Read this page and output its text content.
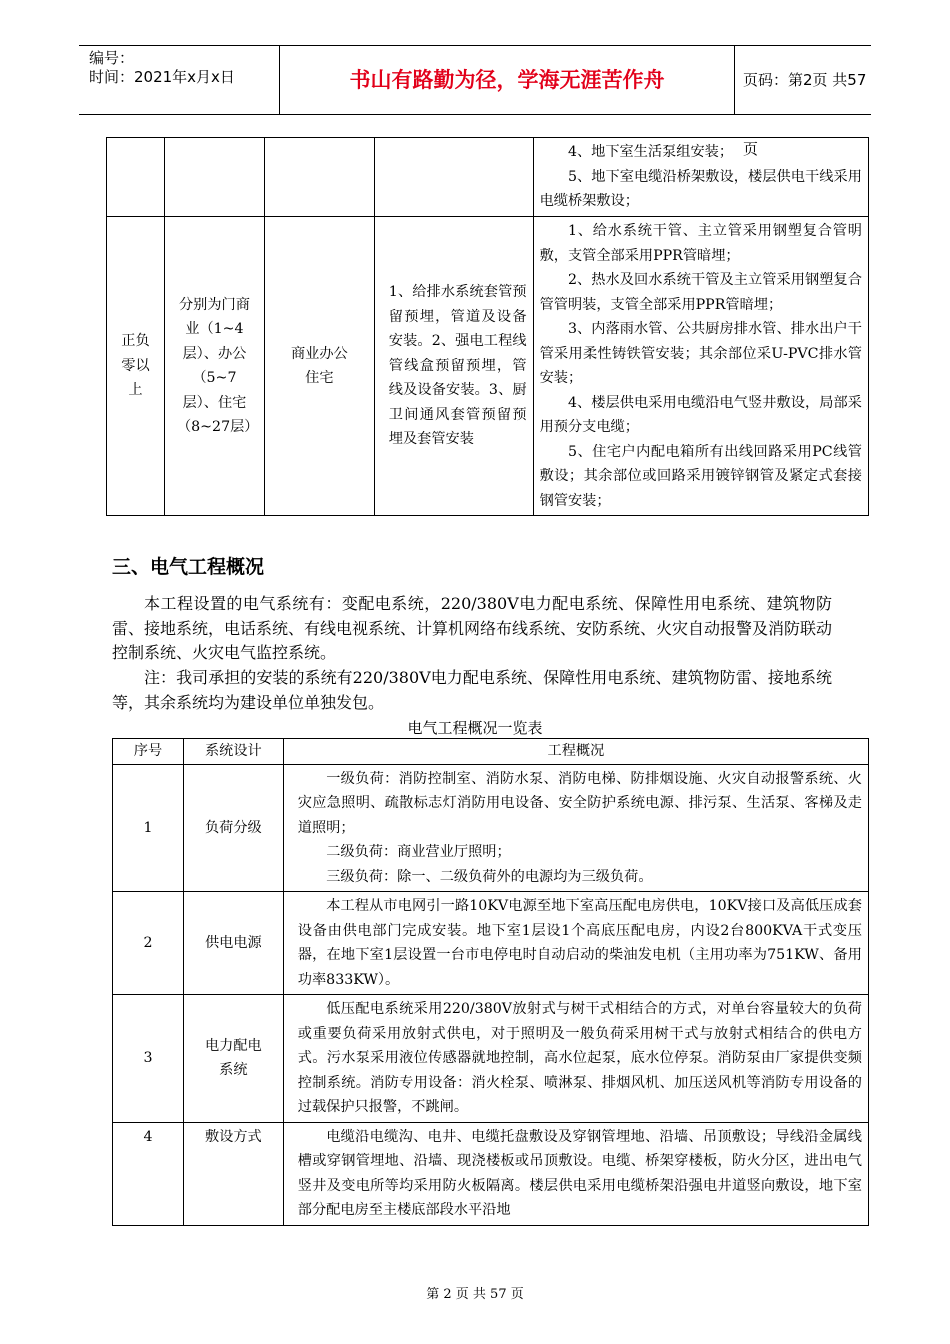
编号：
时间：2021年x月x日	书山有路勤为径，学海无涯苦作舟	页码：第2页 共57页

				4、地下室生活泵组安装；
5、地下室电缆沿桥架敷设，楼层供电干线采用电缆桥架敷设；

正负零以上	分别为门商业（1~4层）、办公（5~7层）、住宅（8~27层）	商业办公住宅	1、给排水系统套管预留预埋，管道及设备安装。2、强电工程线管线盒预留预埋，管线及设备安装。3、厨卫间通风套管预留预埋及套管安装	1、给水系统干管、主立管采用钢塑复合管明敷，支管全部采用PPR管暗埋；
2、热水及回水系统干管及主立管采用钢塑复合管管明装，支管全部采用PPR管暗埋；
3、内落雨水管、公共厨房排水管、排水出户干管采用柔性铸铁管安装；其余部位采U-PVC排水管安装；
4、楼层供电采用电缆沿电气竖井敷设，局部采用预分支电缆；
5、住宅户内配电箱所有出线回路采用PC线管敷设；其余部位或回路采用镀锌钢管及紧定式套接钢管安装；
三、电气工程概况
本工程设置的电气系统有：变配电系统，220/380V电力配电系统、保障性用电系统、建筑物防雷、接地系统，电话系统、有线电视系统、计算机网络布线系统、安防系统、火灾自动报警及消防联动控制系统、火灾电气监控系统。
注：我司承担的安装的系统有220/380V电力配电系统、保障性用电系统、建筑物防雷、接地系统等，其余系统均为建设单位单独发包。
电气工程概况一览表
序号	系统设计	工程概况
1	负荷分级	一级负荷：消防控制室、消防水泵、消防电梯、防排烟设施、火灾自动报警系统、火灾应急照明、疏散标志灯消防用电设备、安全防护系统电源、排污泵、生活泵、客梯及走道照明；
二级负荷：商业营业厅照明；
三级负荷：除一、二级负荷外的电源均为三级负荷。

2	供电电源	本工程从市电网引一路10KV电源至地下室高压配电房供电，10KV接口及高低压成套设备由供电部门完成安装。地下室1层设1个高底压配电房，内设2台800KVA干式变压器，在地下室1层设置一台市电停电时自动启动的柴油发电机（主用功率为751KW、备用功率833KW）。

3	电力配电系统	低压配电系统采用220/380V放射式与树干式相结合的方式，对单台容量较大的负荷或重要负荷采用放射式供电，对于照明及一般负荷采用树干式与放射式相结合的供电方式。污水泵采用液位传感器就地控制，高水位起泵，底水位停泵。消防泵由厂家提供变频控制系统。消防专用设备：消火栓泵、喷淋泵、排烟风机、加压送风机等消防专用设备的过载保护只报警，不跳闸。

4	敷设方式	电缆沿电缆沟、电井、电缆托盘敷设及穿钢管埋地、沿墙、吊顶敷设；导线沿金属线槽或穿钢管埋地、沿墙、现浇楼板或吊顶敷设。电缆、桥架穿楼板，防火分区，进出电气竖井及变电所等均采用防火板隔离。楼层供电采用电缆桥架沿强电井道竖向敷设，地下室部分配电房至主楼底部段水平沿地
第 2 页 共 57 页
